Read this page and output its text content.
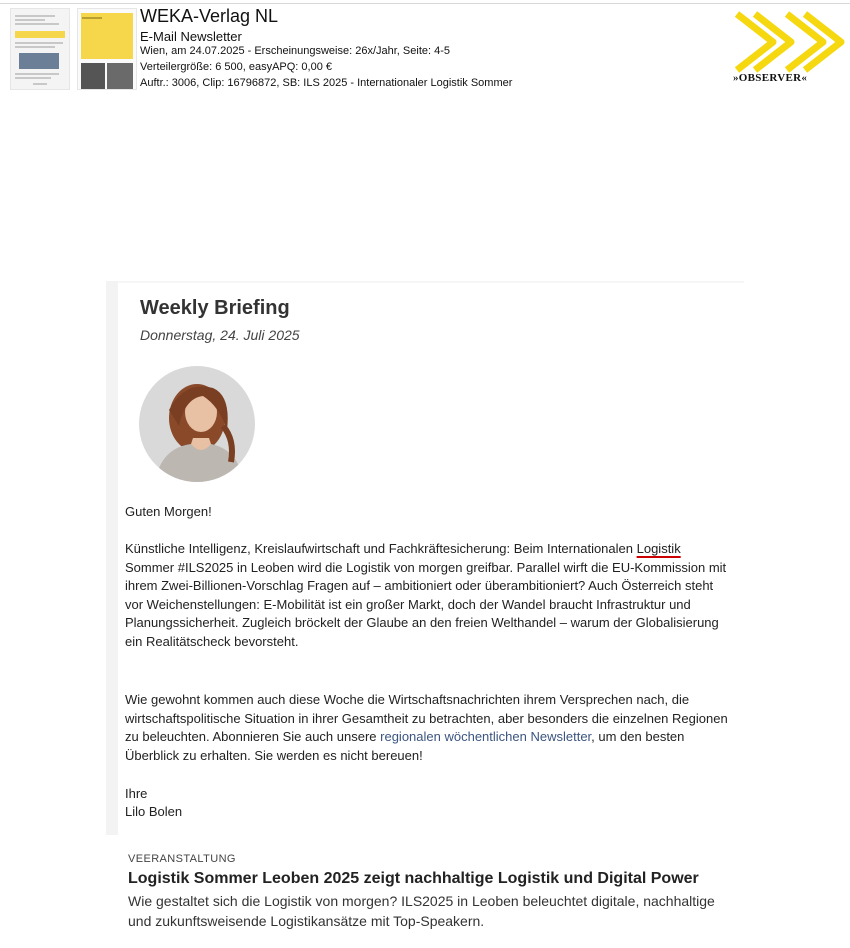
WEKA-Verlag NL
E-Mail Newsletter
Wien, am 24.07.2025 - Erscheinungsweise: 26x/Jahr, Seite: 4-5
Verteilergröße: 6 500, easyAPQ: 0,00 €
Auftr.: 3006, Clip: 16796872, SB: ILS 2025 - Internationaler Logistik Sommer	»OBSERVER«
Weekly Briefing
Donnerstag, 24. Juli 2025

Guten Morgen!

Künstliche Intelligenz, Kreislaufwirtschaft und Fachkräftesicherung: Beim Internationalen Logistik Sommer #ILS2025 in Leoben wird die Logistik von morgen greifbar. Parallel wirft die EU-Kommission mit ihrem Zwei-Billionen-Vorschlag Fragen auf – ambitioniert oder überambitioniert? Auch Österreich steht vor Weichenstellungen: E-Mobilität ist ein großer Markt, doch der Wandel braucht Infrastruktur und Planungssicherheit. Zugleich bröckelt der Glaube an den freien Welthandel – warum der Globalisierung ein Realitätscheck bevorsteht.

Wie gewohnt kommen auch diese Woche die Wirtschaftsnachrichten ihrem Versprechen nach, die wirtschaftspolitische Situation in ihrer Gesamtheit zu betrachten, aber besonders die einzelnen Regionen zu beleuchten. Abonnieren Sie auch unsere regionalen wöchentlichen Newsletter, um den besten Überblick zu erhalten. Sie werden es nicht bereuen!

Ihre

Lilo Bolen

VEERANSTALTUNG
Logistik Sommer Leoben 2025 zeigt nachhaltige Logistik und Digital Power

Wie gestaltet sich die Logistik von morgen? ILS2025 in Leoben beleuchtet digitale, nachhaltige und zukunftsweisende Logistikansätze mit Top-Speakern.
